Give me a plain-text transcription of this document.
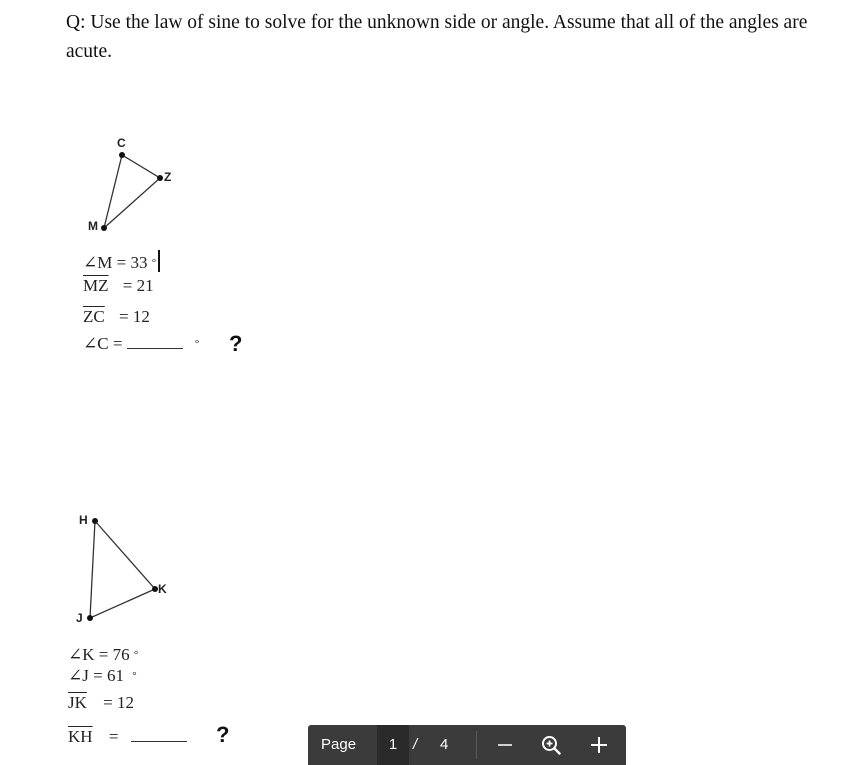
Q: Use the law of sine to solve for the unknown side or angle. Assume that all of the angles are acute.

C
Z
M
∠M = 33 °
$\overline{MZ} = 21$
$\overline{ZC} = 12$
∠C =	° ?
H
K
J
∠K = 76 °
∠J = 61 °
$\overline{JK} = 12$
$\overline{KH}$ =	?	Page	1	/ 4
